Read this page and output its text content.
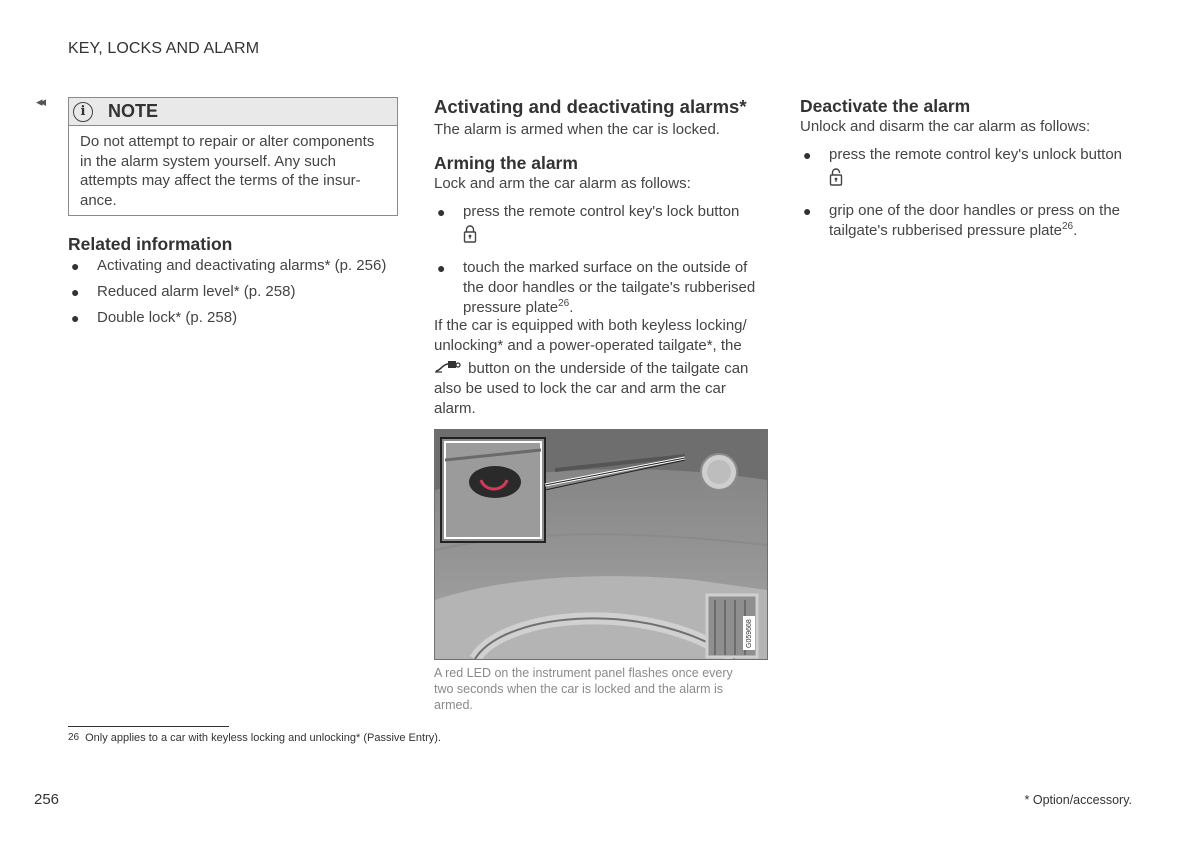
KEY, LOCKS AND ALARM
◂◂
i	NOTE
Do not attempt to repair or alter components
in the alarm system yourself. Any such
attempts may affect the terms of the insur-
ance.
Related information
● Activating and deactivating alarms* (p. 256)
● Reduced alarm level* (p. 258)
● Double lock* (p. 258)
Activating and deactivating alarms*
The alarm is armed when the car is locked.
Arming the alarm
Lock and arm the car alarm as follows:
● press the remote control key's lock button
● touch the marked surface on the outside of
the door handles or the tailgate's rubberised
pressure plate$^{26}$.
If the car is equipped with both keyless locking/
unlocking* and a power-operated tailgate*, the
button on the underside of the tailgate can
also be used to lock the car and arm the car
alarm.
G059668
A red LED on the instrument panel flashes once every
two seconds when the car is locked and the alarm is
armed.
Deactivate the alarm
Unlock and disarm the car alarm as follows:
● press the remote control key's unlock button
● grip one of the door handles or press on the
tailgate's rubberised pressure plate$^{26}$.
26 Only applies to a car with keyless locking and unlocking* (Passive Entry).
256	* Option/accessory.
